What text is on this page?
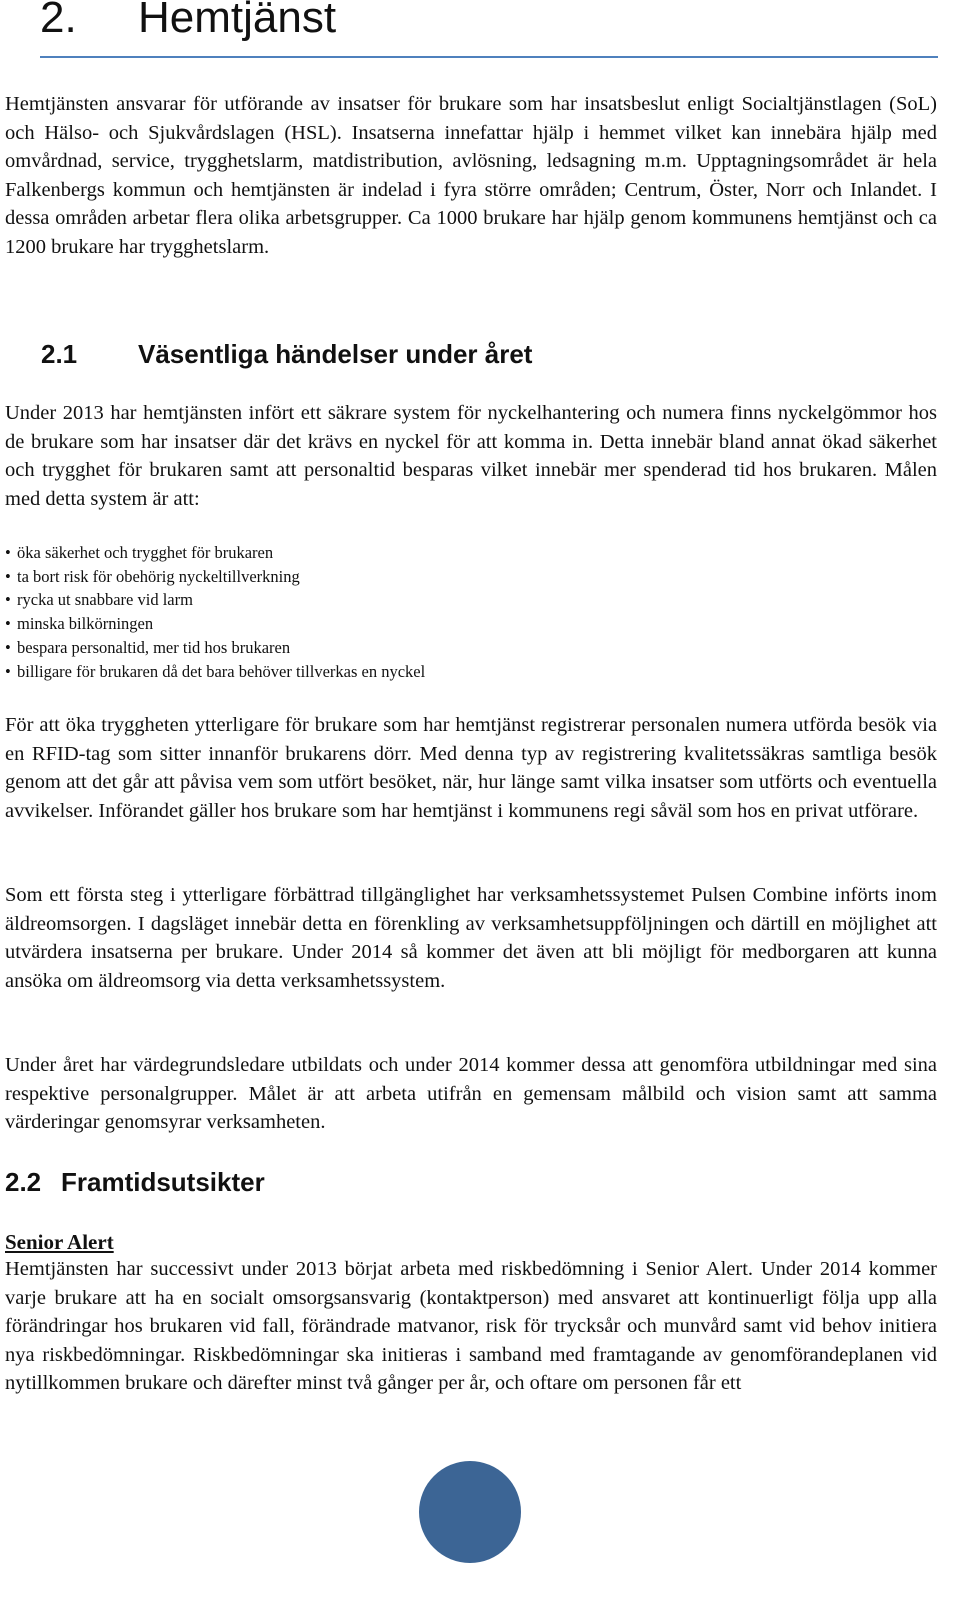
2. Hemtjänst

Hemtjänsten ansvarar för utförande av insatser för brukare som har insatsbeslut enligt Socialtjänstlagen (SoL) och Hälso- och Sjukvårdslagen (HSL). Insatserna innefattar hjälp i hemmet vilket kan innebära hjälp med omvårdnad, service, trygghetslarm, matdistribution, avlösning, ledsagning m.m. Upptagningsområdet är hela Falkenbergs kommun och hemtjänsten är indelad i fyra större områden; Centrum, Öster, Norr och Inlandet. I dessa områden arbetar flera olika arbetsgrupper. Ca 1000 brukare har hjälp genom kommunens hemtjänst och ca 1200 brukare har trygghetslarm.

2.1 Väsentliga händelser under året

Under 2013 har hemtjänsten infört ett säkrare system för nyckelhantering och numera finns nyckelgömmor hos de brukare som har insatser där det krävs en nyckel för att komma in. Detta innebär bland annat ökad säkerhet och trygghet för brukaren samt att personaltid besparas vilket innebär mer spenderad tid hos brukaren. Målen med detta system är att:

• öka säkerhet och trygghet för brukaren
• ta bort risk för obehörig nyckeltillverkning
• rycka ut snabbare vid larm
• minska bilkörningen
• bespara personaltid, mer tid hos brukaren
• billigare för brukaren då det bara behöver tillverkas en nyckel

För att öka tryggheten ytterligare för brukare som har hemtjänst registrerar personalen numera utförda besök via en RFID-tag som sitter innanför brukarens dörr. Med denna typ av registrering kvalitetssäkras samtliga besök genom att det går att påvisa vem som utfört besöket, när, hur länge samt vilka insatser som utförts och eventuella avvikelser. Införandet gäller hos brukare som har hemtjänst i kommunens regi såväl som hos en privat utförare.

Som ett första steg i ytterligare förbättrad tillgänglighet har verksamhetssystemet Pulsen Combine införts inom äldreomsorgen. I dagsläget innebär detta en förenkling av verksamhetsuppföljningen och därtill en möjlighet att utvärdera insatserna per brukare. Under 2014 så kommer det även att bli möjligt för medborgaren att kunna ansöka om äldreomsorg via detta verksamhetssystem.

Under året har värdegrundsledare utbildats och under 2014 kommer dessa att genomföra utbildningar med sina respektive personalgrupper. Målet är att arbeta utifrån en gemensam målbild och vision samt att samma värderingar genomsyrar verksamheten.

2.2 Framtidsutsikter

Senior Alert

Hemtjänsten har successivt under 2013 börjat arbeta med riskbedömning i Senior Alert. Under 2014 kommer varje brukare att ha en socialt omsorgsansvarig (kontaktperson) med ansvaret att kontinuerligt följa upp alla förändringar hos brukaren vid fall, förändrade matvanor, risk för trycksår och munvård samt vid behov initiera nya riskbedömningar. Riskbedömningar ska initieras i samband med framtagande av genomförandeplanen vid nytillkommen brukare och därefter minst två gånger per år, och oftare om personen får ett
